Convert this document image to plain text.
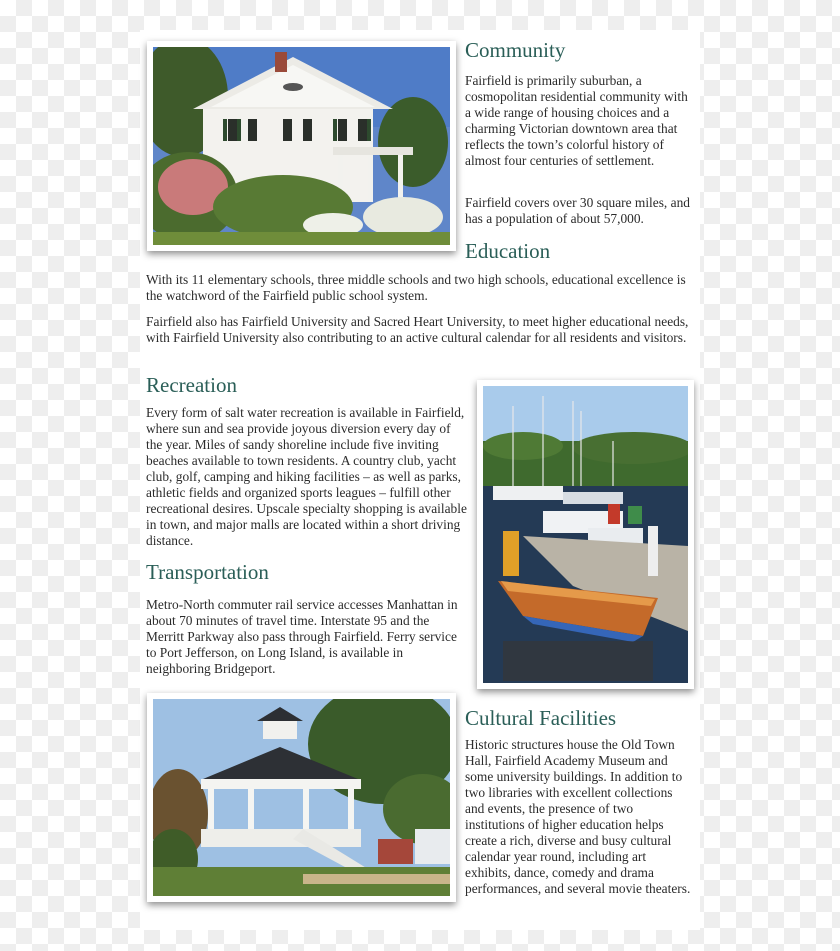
Community

Fairfield is primarily suburban, a cosmopolitan residential community with a wide range of housing choices and a charming Victorian downtown area that reflects the town’s colorful history of almost four centuries of settlement.

Fairfield covers over 30 square miles, and has a population of about 57,000.

Education

With its 11 elementary schools, three middle schools and two high schools, educational excellence is the watchword of the Fairfield public school system.

Fairfield also has Fairfield University and Sacred Heart University, to meet higher educational needs, with Fairfield University also contributing to an active cultural calendar for all residents and visitors.

Recreation

Every form of salt water recreation is available in Fairfield, where sun and sea provide joyous diversion every day of the year. Miles of sandy shoreline include five inviting beaches available to town residents. A country club, yacht club, golf, camping and hiking facilities – as well as parks, athletic fields and organized sports leagues – fulfill other recreational desires. Upscale specialty shopping is available in town, and major malls are located within a short driving distance.

Transportation

Metro-North commuter rail service accesses Manhattan in about 70 minutes of travel time. Interstate 95 and the Merritt Parkway also pass through Fairfield. Ferry service to Port Jefferson, on Long Island, is available in neighboring Bridgeport.

Cultural Facilities

Historic structures house the Old Town Hall, Fairfield Academy Museum and some university buildings. In addition to two libraries with excellent collections and events, the presence of two institutions of higher education helps create a rich, diverse and busy cultural calendar year round, including art exhibits, dance, comedy and drama performances, and several movie theaters.
